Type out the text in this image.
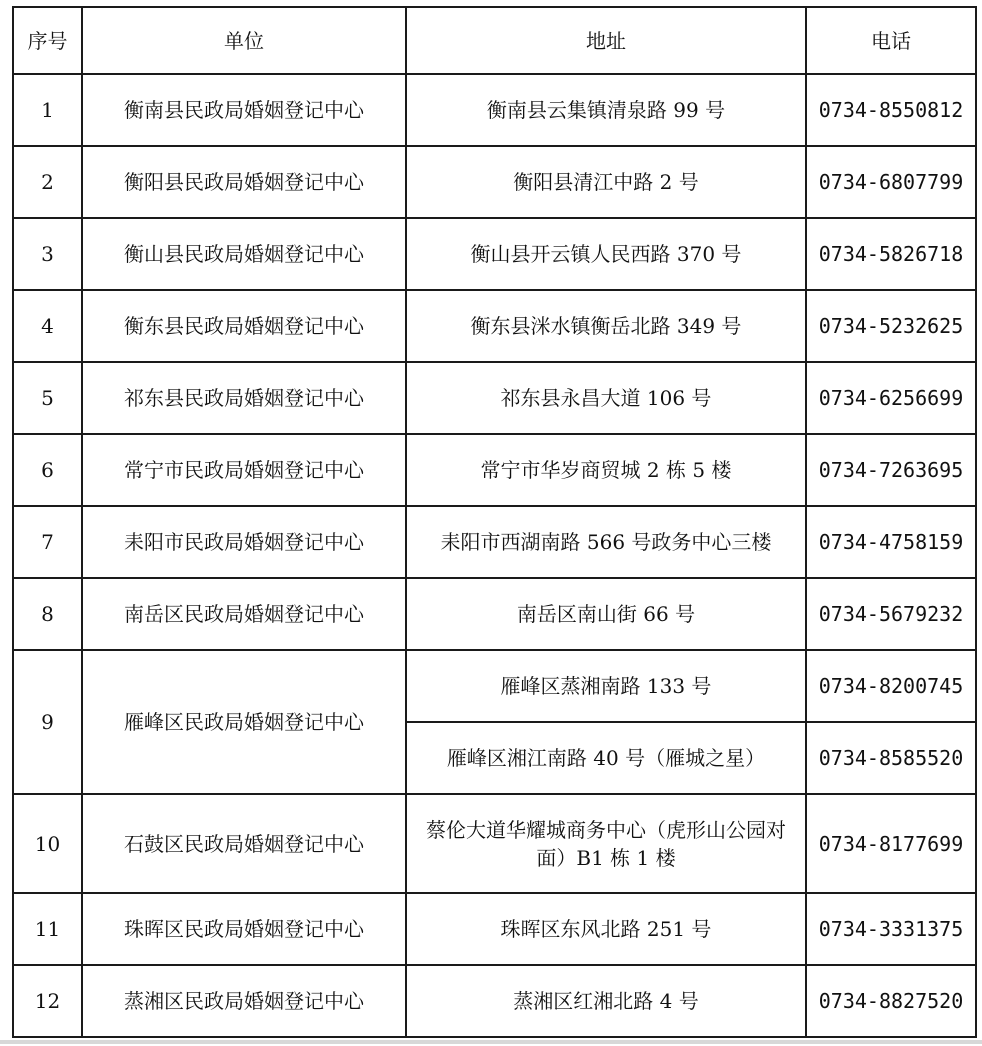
序号	单位	地址	电话
1	衡南县民政局婚姻登记中心	衡南县云集镇清泉路 99 号	0734-8550812
2	衡阳县民政局婚姻登记中心	衡阳县清江中路 2 号	0734-6807799
3	衡山县民政局婚姻登记中心	衡山县开云镇人民西路 370 号	0734-5826718
4	衡东县民政局婚姻登记中心	衡东县洣水镇衡岳北路 349 号	0734-5232625
5	祁东县民政局婚姻登记中心	祁东县永昌大道 106 号	0734-6256699
6	常宁市民政局婚姻登记中心	常宁市华岁商贸城 2 栋 5 楼	0734-7263695
7	耒阳市民政局婚姻登记中心	耒阳市西湖南路 566 号政务中心三楼	0734-4758159
8	南岳区民政局婚姻登记中心	南岳区南山街 66 号	0734-5679232
9	雁峰区民政局婚姻登记中心	雁峰区蒸湘南路 133 号	0734-8200745
		雁峰区湘江南路 40 号（雁城之星）	0734-8585520
10	石鼓区民政局婚姻登记中心	蔡伦大道华耀城商务中心（虎形山公园对面）B1 栋 1 楼	0734-8177699
11	珠晖区民政局婚姻登记中心	珠晖区东风北路 251 号	0734-3331375
12	蒸湘区民政局婚姻登记中心	蒸湘区红湘北路 4 号	0734-8827520
